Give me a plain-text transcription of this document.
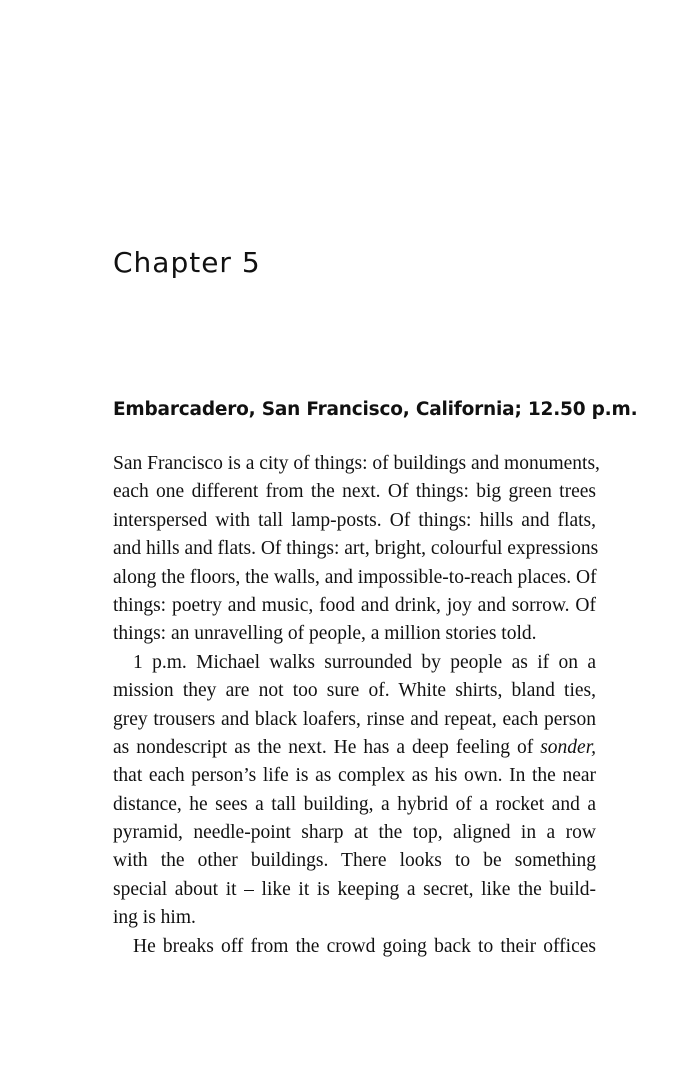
Chapter 5
Embarcadero, San Francisco, California; 12.50 p.m.
San Francisco is a city of things: of buildings and monuments,
each one different from the next. Of things: big green trees
interspersed with tall lamp-posts. Of things: hills and flats,
and hills and flats. Of things: art, bright, colourful expressions
along the floors, the walls, and impossible-to-reach places. Of
things: poetry and music, food and drink, joy and sorrow. Of
things: an unravelling of people, a million stories told.
1 p.m. Michael walks surrounded by people as if on a
mission they are not too sure of. White shirts, bland ties,
grey trousers and black loafers, rinse and repeat, each person
as nondescript as the next. He has a deep feeling of sonder,
that each person’s life is as complex as his own. In the near
distance, he sees a tall building, a hybrid of a rocket and a
pyramid, needle-point sharp at the top, aligned in a row
with the other buildings. There looks to be something
special about it – like it is keeping a secret, like the build-
ing is him.
He breaks off from the crowd going back to their offices
